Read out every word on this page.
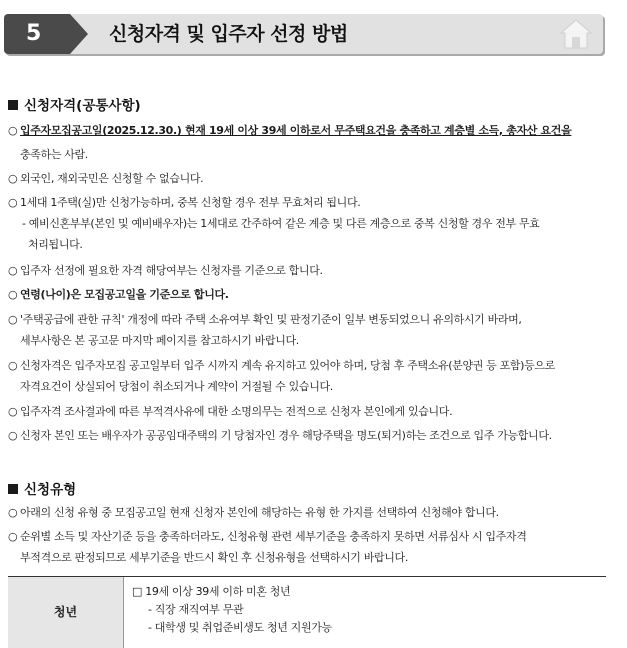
5	신청자격 및 입주자 선정 방법
신청자격(공통사항)
○ 입주자모집공고일(2025.12.30.) 현재 19세 이상 39세 이하로서 무주택요건을 충족하고 계층별 소득, 총자산 요건을
충족하는 사람.
○ 외국인, 재외국민은 신청할 수 없습니다.
○ 1세대 1주택(실)만 신청가능하며, 중복 신청할 경우 전부 무효처리 됩니다.
- 예비신혼부부(본인 및 예비배우자)는 1세대로 간주하여 같은 계층 및 다른 계층으로 중복 신청할 경우 전부 무효
처리됩니다.
○ 입주자 선정에 필요한 자격 해당여부는 신청자를 기준으로 합니다.
○ 연령(나이)은 모집공고일을 기준으로 합니다.
○ '주택공급에 관한 규칙' 개정에 따라 주택 소유여부 확인 및 판정기준이 일부 변동되었으니 유의하시기 바라며,
세부사항은 본 공고문 마지막 페이지를 참고하시기 바랍니다.
○ 신청자격은 입주자모집 공고일부터 입주 시까지 계속 유지하고 있어야 하며, 당첨 후 주택소유(분양권 등 포함)등으로
자격요건이 상실되어 당첨이 취소되거나 계약이 거절될 수 있습니다.
○ 입주자격 조사결과에 따른 부적격사유에 대한 소명의무는 전적으로 신청자 본인에게 있습니다.
○ 신청자 본인 또는 배우자가 공공임대주택의 기 당첨자인 경우 해당주택을 명도(퇴거)하는 조건으로 입주 가능합니다.
신청유형
○ 아래의 신청 유형 중 모집공고일 현재 신청자 본인에 해당하는 유형 한 가지를 선택하여 신청해야 합니다.
○ 순위별 소득 및 자산기준 등을 충족하더라도, 신청유형 관련 세부기준을 충족하지 못하면 서류심사 시 입주자격
부적격으로 판정되므로 세부기준을 반드시 확인 후 신청유형을 선택하시기 바랍니다.
청년
□ 19세 이상 39세 이하 미혼 청년
- 직장 재직여부 무관
- 대학생 및 취업준비생도 청년 지원가능
